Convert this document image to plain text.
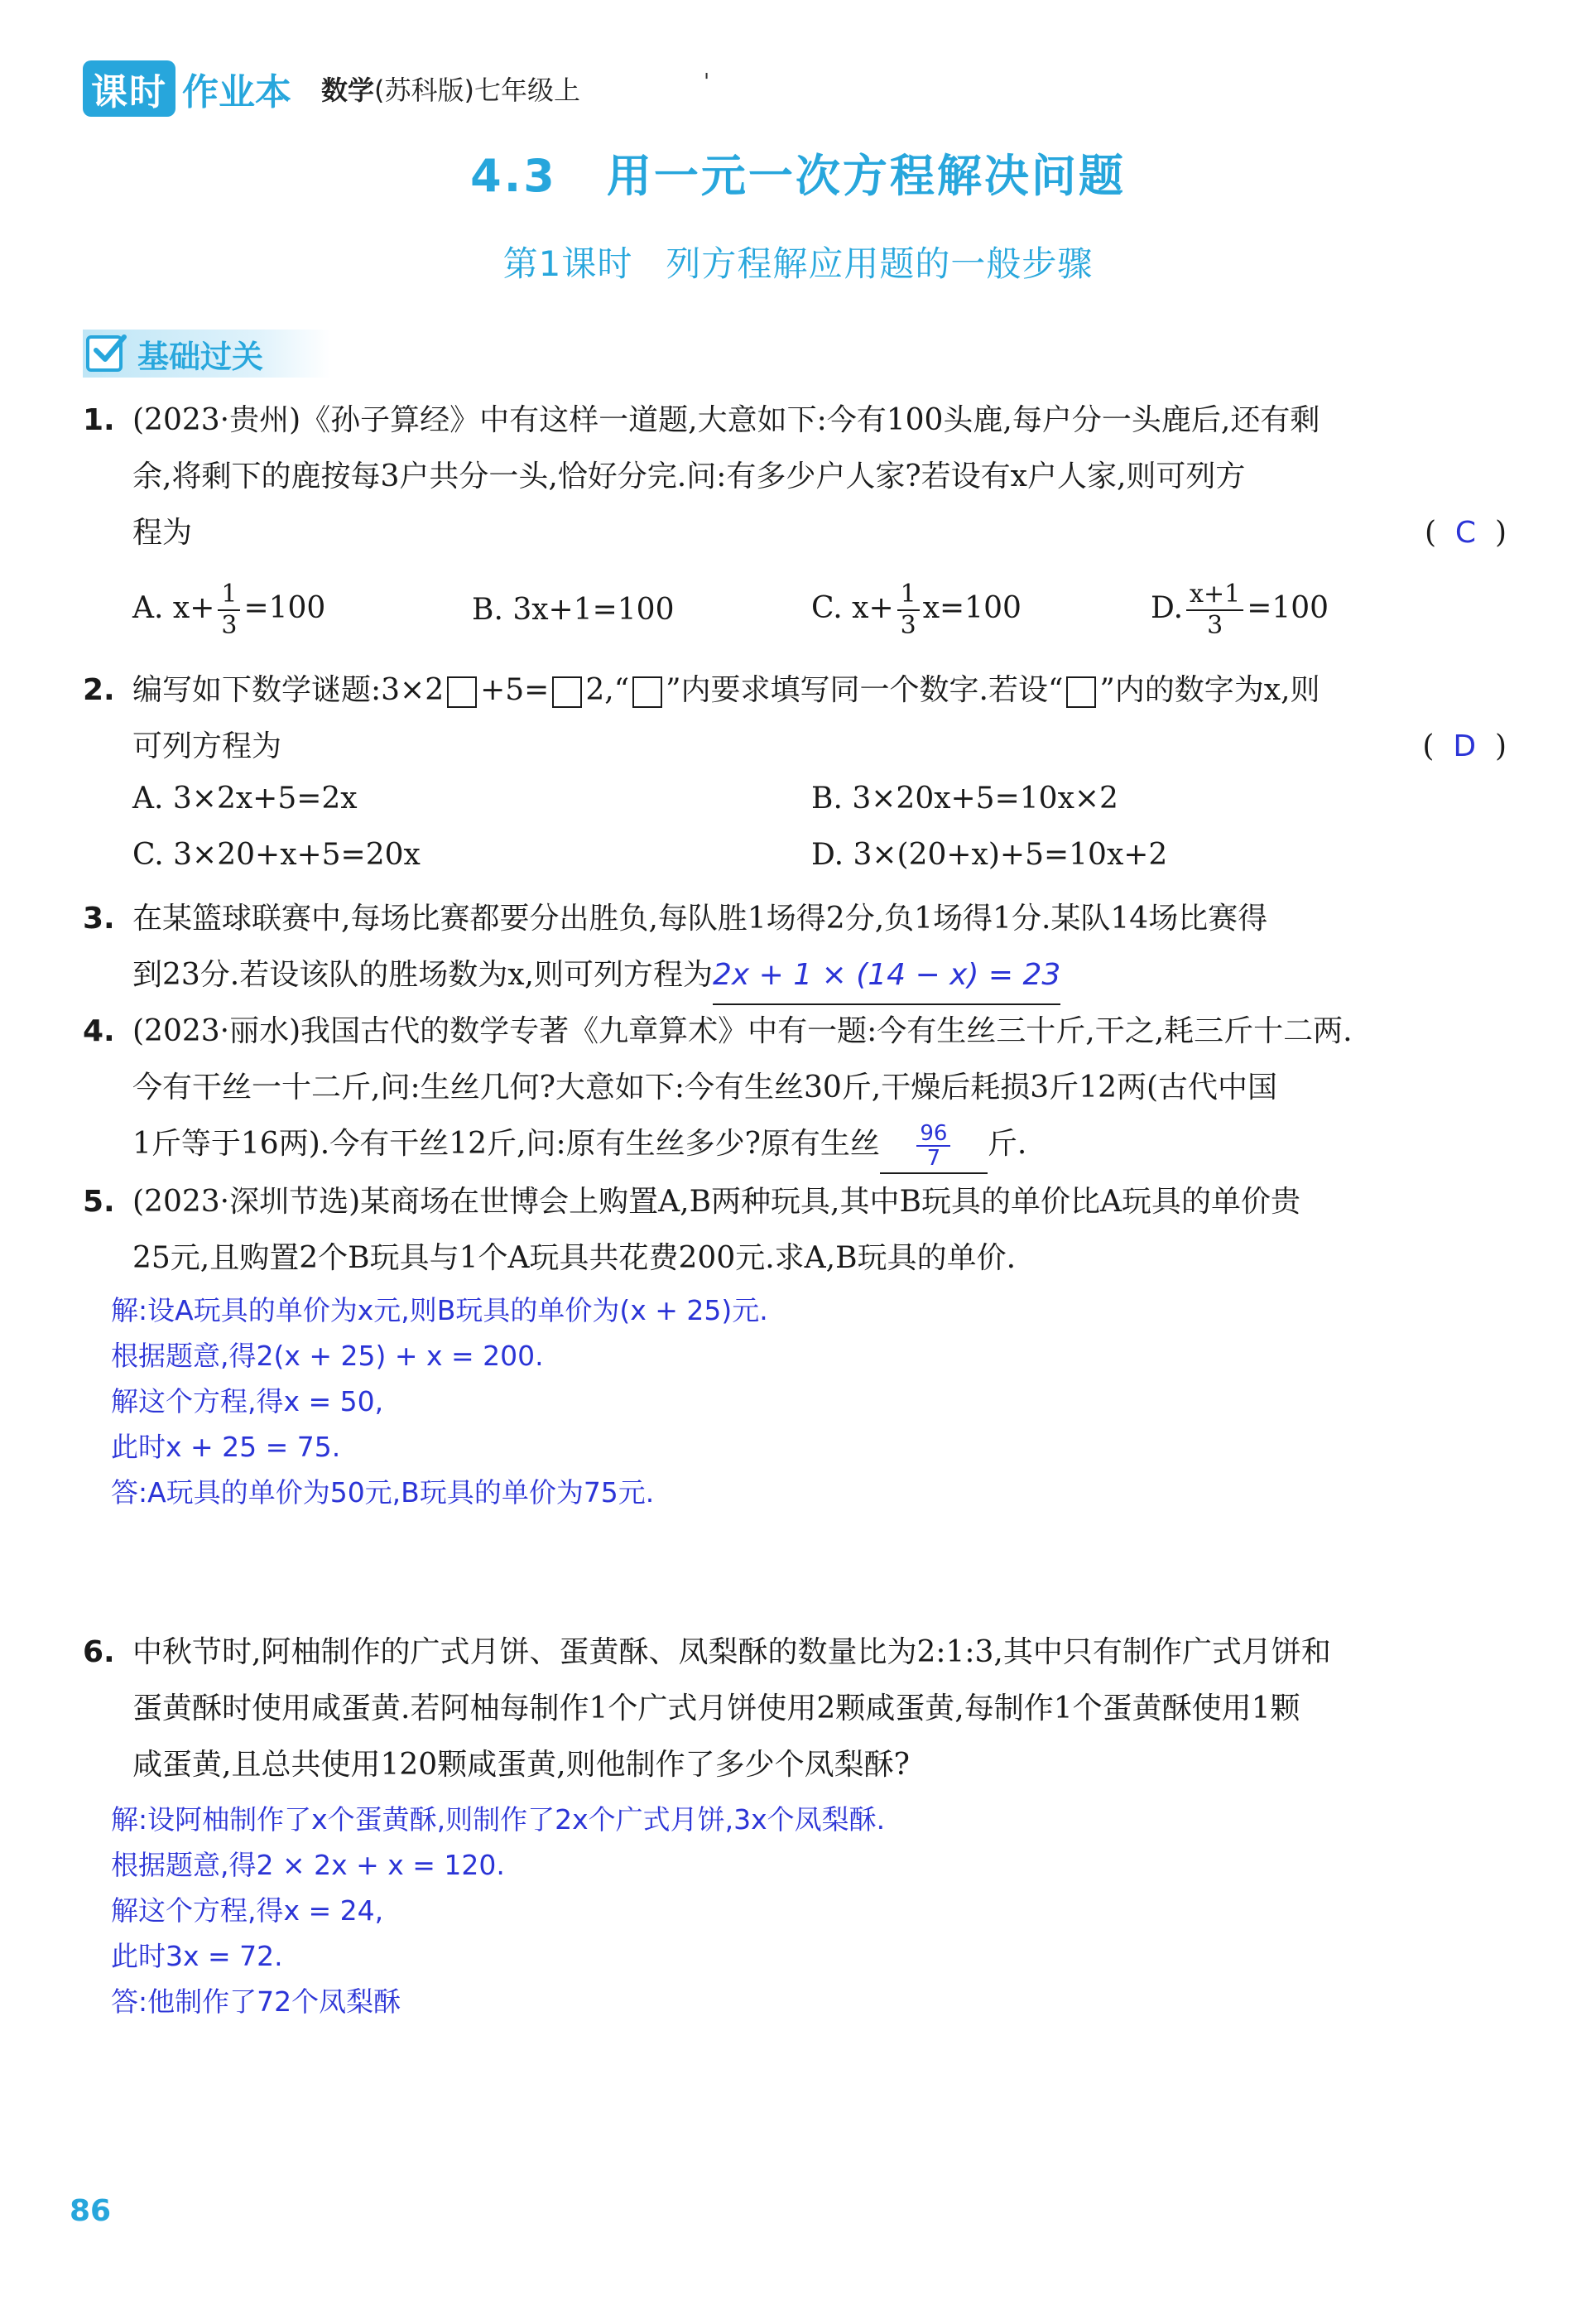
课时 作业本 数学(苏科版)七年级上	'
4.3 用一元一次方程解决问题
第1课时 列方程解应用题的一般步骤
基础过关
1. (2023·贵州)《孙子算经》中有这样一道题,大意如下:今有100头鹿,每户分一头鹿后,还有剩
余,将剩下的鹿按每3户共分一头,恰好分完.问:有多少户人家?若设有x户人家,则可列方
程为	(  C  )
A. $x+ \frac{1}{3} =100$	B. 3x+1=100	C. $x+ \frac{1}{3} x=100$	D. $\frac{x+1}{3} =100$
2. 编写如下数学谜题:3×2 +5= 2,“ ”内要求填写同一个数字.若设“ ”内的数字为x,则
可列方程为	(  D  )
A. 3×2x+5=2x	B. 3×20x+5=10x×2
C. 3×20+x+5=20x	D. 3×(20+x)+5=10x+2
3. 在某篮球联赛中,每场比赛都要分出胜负,每队胜1场得2分,负1场得1分.某队14场比赛得
到23分.若设该队的胜场数为x,则可列方程为2x + 1 × (14 − x) = 23
4. (2023·丽水)我国古代的数学专著《九章算术》中有一题:今有生丝三十斤,干之,耗三斤十二两.
今有干丝一十二斤,问:生丝几何?大意如下:今有生丝30斤,干燥后耗损3斤12两(古代中国
1斤等于16两).今有干丝12斤,问:原有生丝多少?原有生丝 $\frac{96}{7}$ 斤.
5. (2023·深圳节选)某商场在世博会上购置A,B两种玩具,其中B玩具的单价比A玩具的单价贵
25元,且购置2个B玩具与1个A玩具共花费200元.求A,B玩具的单价.
解:设A玩具的单价为x元,则B玩具的单价为(x + 25)元.
根据题意,得2(x + 25) + x = 200.
解这个方程,得x = 50,
此时x + 25 = 75.
答:A玩具的单价为50元,B玩具的单价为75元.
6. 中秋节时,阿柚制作的广式月饼、蛋黄酥、凤梨酥的数量比为2:1:3,其中只有制作广式月饼和
蛋黄酥时使用咸蛋黄.若阿柚每制作1个广式月饼使用2颗咸蛋黄,每制作1个蛋黄酥使用1颗
咸蛋黄,且总共使用120颗咸蛋黄,则他制作了多少个凤梨酥?
解:设阿柚制作了x个蛋黄酥,则制作了2x个广式月饼,3x个凤梨酥.
根据题意,得2 × 2x + x = 120.
解这个方程,得x = 24,
此时3x = 72.
答:他制作了72个凤梨酥
86
